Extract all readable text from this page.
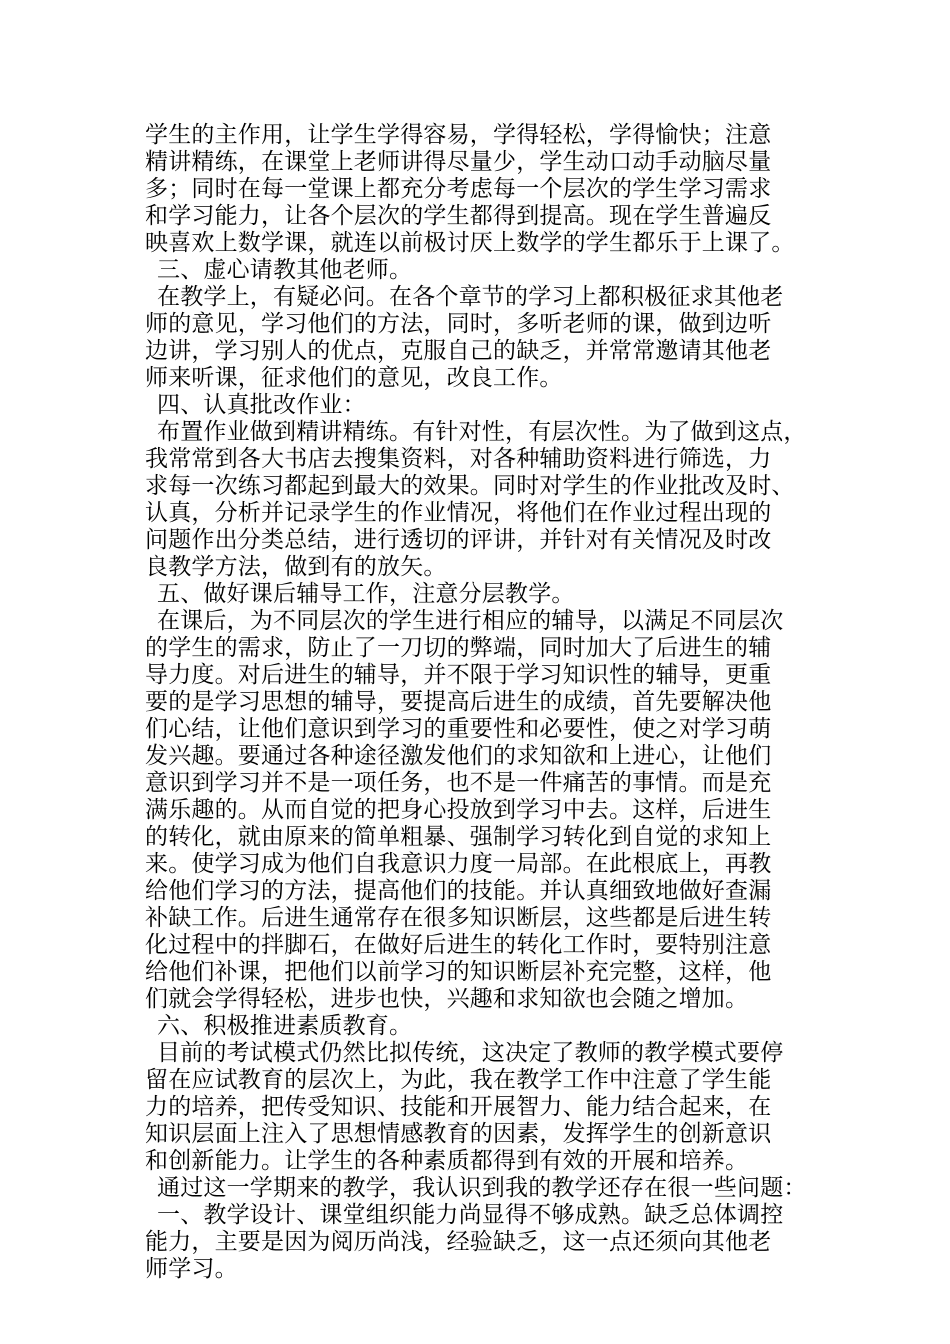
学生的主作用，让学生学得容易，学得轻松，学得愉快；注意
精讲精练，在课堂上老师讲得尽量少，学生动口动手动脑尽量
多；同时在每一堂课上都充分考虑每一个层次的学生学习需求
和学习能力，让各个层次的学生都得到提高。现在学生普遍反
映喜欢上数学课，就连以前极讨厌上数学的学生都乐于上课了。

三、虚心请教其他老师。

在教学上，有疑必问。在各个章节的学习上都积极征求其他老
师的意见，学习他们的方法，同时，多听老师的课，做到边听
边讲，学习别人的优点，克服自己的缺乏，并常常邀请其他老
师来听课，征求他们的意见，改良工作。

四、认真批改作业：

布置作业做到精讲精练。有针对性，有层次性。为了做到这点，
我常常到各大书店去搜集资料，对各种辅助资料进行筛选，力
求每一次练习都起到最大的效果。同时对学生的作业批改及时、
认真，分析并记录学生的作业情况，将他们在作业过程出现的
问题作出分类总结，进行透切的评讲，并针对有关情况及时改
良教学方法，做到有的放矢。

五、做好课后辅导工作，注意分层教学。

在课后，为不同层次的学生进行相应的辅导，以满足不同层次
的学生的需求，防止了一刀切的弊端，同时加大了后进生的辅
导力度。对后进生的辅导，并不限于学习知识性的辅导，更重
要的是学习思想的辅导，要提高后进生的成绩，首先要解决他
们心结，让他们意识到学习的重要性和必要性，使之对学习萌
发兴趣。要通过各种途径激发他们的求知欲和上进心，让他们
意识到学习并不是一项任务，也不是一件痛苦的事情。而是充
满乐趣的。从而自觉的把身心投放到学习中去。这样，后进生
的转化，就由原来的简单粗暴、强制学习转化到自觉的求知上
来。使学习成为他们自我意识力度一局部。在此根底上，再教
给他们学习的方法，提高他们的技能。并认真细致地做好查漏
补缺工作。后进生通常存在很多知识断层，这些都是后进生转
化过程中的拌脚石，在做好后进生的转化工作时，要特别注意
给他们补课，把他们以前学习的知识断层补充完整，这样，他
们就会学得轻松，进步也快，兴趣和求知欲也会随之增加。

六、积极推进素质教育。

目前的考试模式仍然比拟传统，这决定了教师的教学模式要停
留在应试教育的层次上，为此，我在教学工作中注意了学生能
力的培养，把传受知识、技能和开展智力、能力结合起来，在
知识层面上注入了思想情感教育的因素，发挥学生的创新意识
和创新能力。让学生的各种素质都得到有效的开展和培养。

通过这一学期来的教学，我认识到我的教学还存在很一些问题：

一、教学设计、课堂组织能力尚显得不够成熟。缺乏总体调控
能力，主要是因为阅历尚浅，经验缺乏，这一点还须向其他老
师学习。
